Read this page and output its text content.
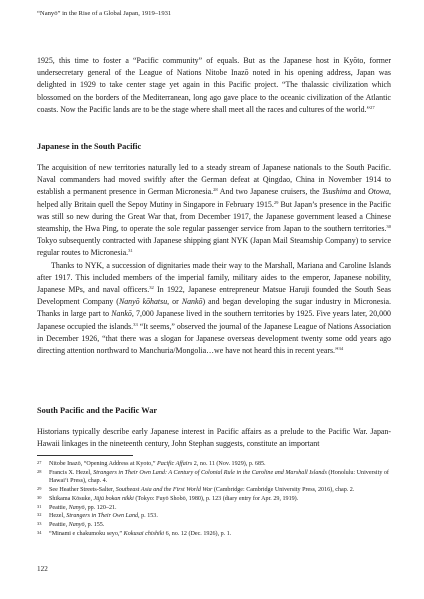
“Nanyō” in the Rise of a Global Japan, 1919–1931

1925, this time to foster a “Pacific community” of equals. But as the Japanese host in Kyōto, former undersecretary general of the League of Nations Nitobe Inazō noted in his opening address, Japan was delighted in 1929 to take center stage yet again in this Pacific project. “The thalassic civilization which blossomed on the borders of the Mediterranean, long ago gave place to the oceanic civilization of the Atlantic coasts. Now the Pacific lands are to be the stage where shall meet all the races and cultures of the world.”$^{27}$

Japanese in the South Pacific

The acquisition of new territories naturally led to a steady stream of Japanese nationals to the South Pacific. Naval commanders had moved swiftly after the German defeat at Qingdao, China in November 1914 to establish a permanent presence in German Micronesia.$^{28}$ And two Japanese cruisers, the Tsushima and Otowa, helped ally Britain quell the Sepoy Mutiny in Singapore in February 1915.29 But Japan’s presence in the Pacific was still so new during the Great War that, from December 1917, the Japanese government leased a Chinese steamship, the Hwa Ping, to operate the sole regular passenger service from Japan to the southern territories.$^{30}$ Tokyo subsequently contracted with Japanese shipping giant NYK (Japan Mail Steamship Company) to service regular routes to Micronesia.$^{31}$

Thanks to NYK, a succession of dignitaries made their way to the Marshall, Mariana and Caroline Islands after 1917. This included members of the imperial family, military aides to the emperor, Japanese nobility, Japanese MPs, and naval officers.$^{32}$ In 1922, Japanese entrepreneur Matsue Haruji founded the South Seas Development Company (Nanyō kōhatsu, or Nankō) and began developing the sugar industry in Micronesia. Thanks in large part to Nankō, 7,000 Japanese lived in the southern territories by 1925. Five years later, 20,000 Japanese occupied the islands.$^{33}$ “It seems,” observed the journal of the Japanese League of Nations Association in December 1926, “that there was a slogan for Japanese overseas development twenty some odd years ago directing attention northward to Manchuria/Mongolia…we have not heard this in recent years.”$^{34}$

South Pacific and the Pacific War

Historians typically describe early Japanese interest in Pacific affairs as a prelude to the Pacific War. Japan-Hawaii linkages in the nineteenth century, John Stephan suggests, constitute an important

27	Nitobe Inazō, “Opening Address at Kyoto,” Pacific Affairs 2, no. 11 (Nov. 1929), p. 685.
28	Francis X. Hezel, Strangers in Their Own Land: A Century of Colonial Rule in the Caroline and Marshall Islands (Honolulu: University of Hawai‘i Press), chap. 4.
29	See Heather Streets-Salter, Southeast Asia and the First World War (Cambridge: Cambridge University Press, 2016), chap. 2.
30	Shikama Kōsuke, Jūjū bokan nikki (Tokyo: Fuyō Shobō, 1980), p. 123 (diary entry for Apr. 29, 1919).
31	Peattie, Nanyō, pp. 120–21.
32	Hezel, Strangers in Their Own Land, p. 153.
33	Peattie, Nanyō, p. 155.
34	“Minami e chakumoku seyo,” Kokusai chishiki 6, no. 12 (Dec. 1926), p. 1.
122
